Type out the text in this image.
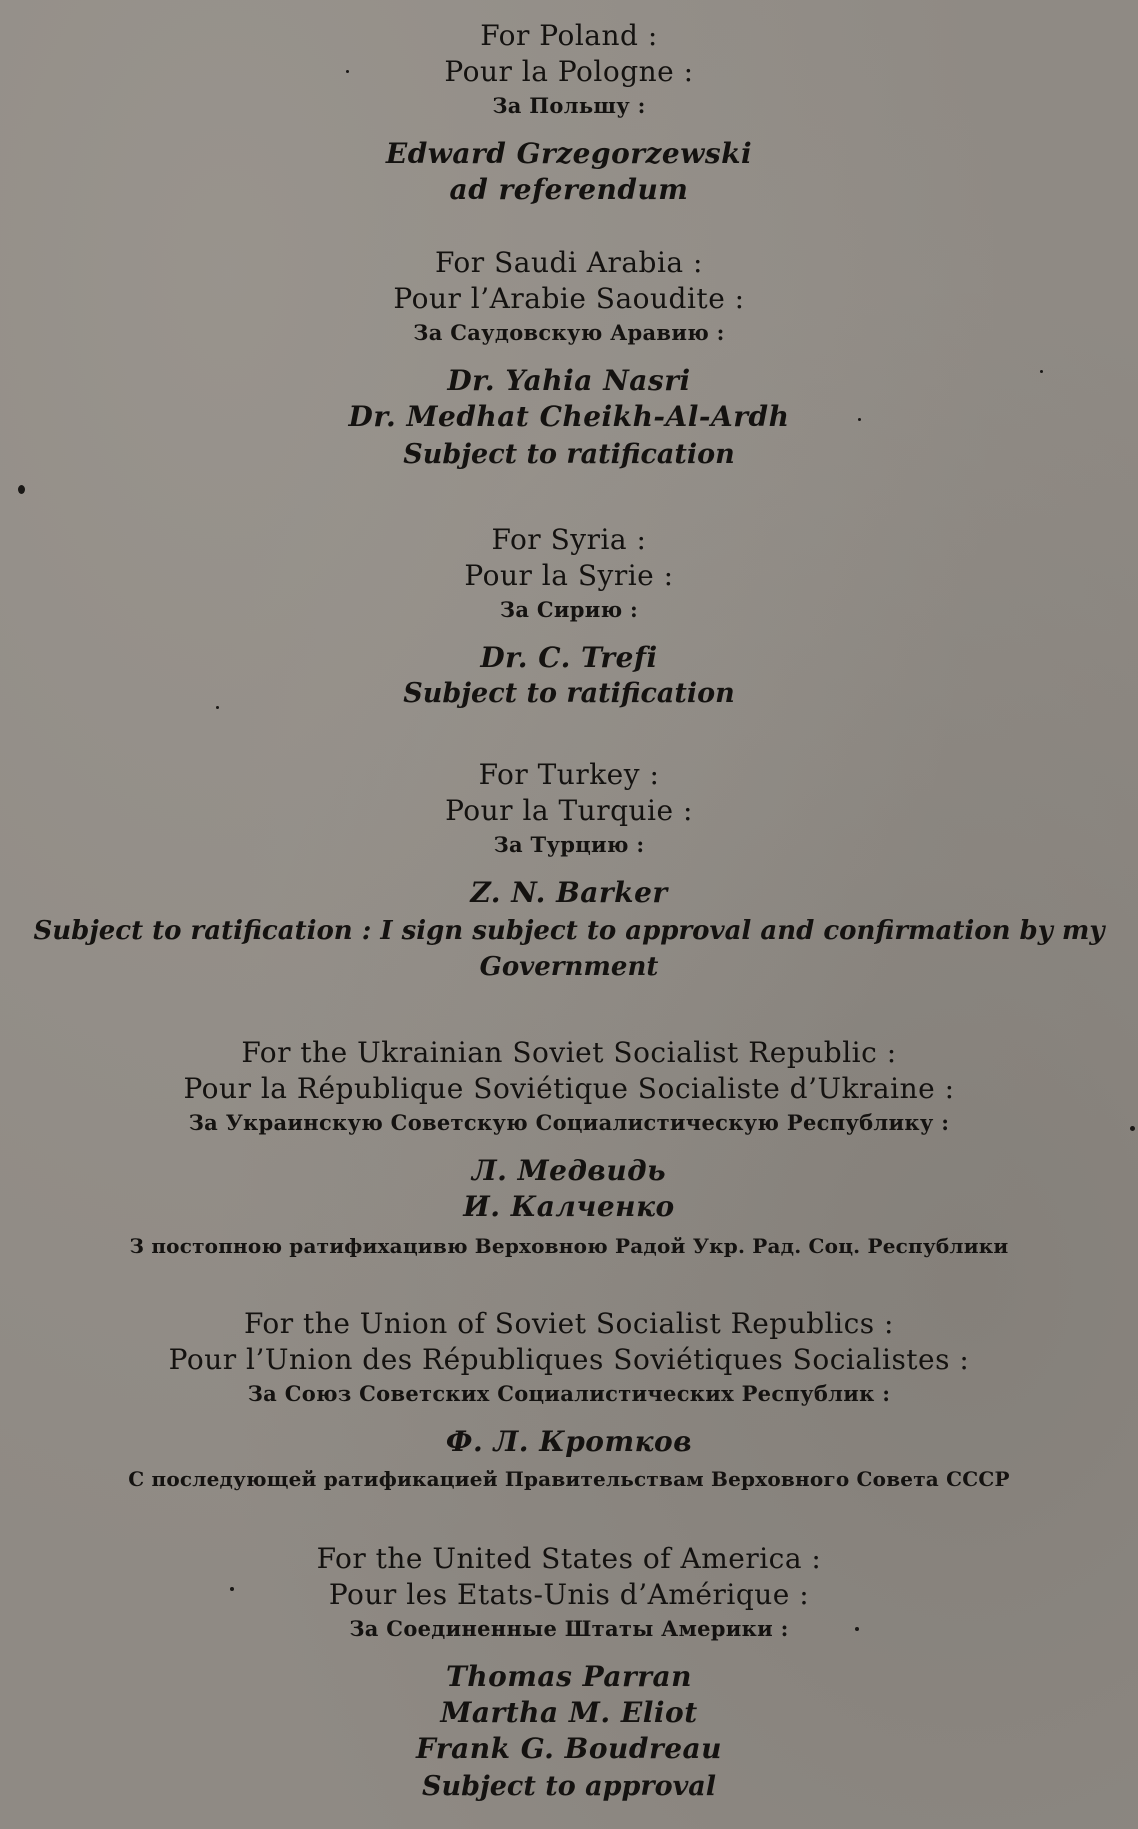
For Poland :
Pour la Pologne :
За Польшу :
Edward Grzegorzewski
ad referendum
For Saudi Arabia :
Pour l’Arabie Saoudite :
За Саудовскую Аравию :
Dr. Yahia Nasri
Dr. Medhat Cheikh-Al-Ardh
Subject to ratification
For Syria :
Pour la Syrie :
За Сирию :
Dr. C. Trefi
Subject to ratification
For Turkey :
Pour la Turquie :
За Турцию :
Z. N. Barker
Subject to ratification : I sign subject to approval and confirmation by my
Government
For the Ukrainian Soviet Socialist Republic :
Pour la République Soviétique Socialiste d’Ukraine :
За Украинскую Советскую Социалистическую Республику :
Л. Медвидь
И. Калченко
З постопною ратифихацивю Верховною Радой Укр. Рад. Соц. Республики
For the Union of Soviet Socialist Republics :
Pour l’Union des Républiques Soviétiques Socialistes :
За Союз Советских Социалистических Республик :
Ф. Л. Кротков
С последующей ратификацией Правительствам Верховного Совета СССР
For the United States of America :
Pour les Etats-Unis d’Amérique :
За Соединенные Штаты Америки :
Thomas Parran
Martha M. Eliot
Frank G. Boudreau
Subject to approval
